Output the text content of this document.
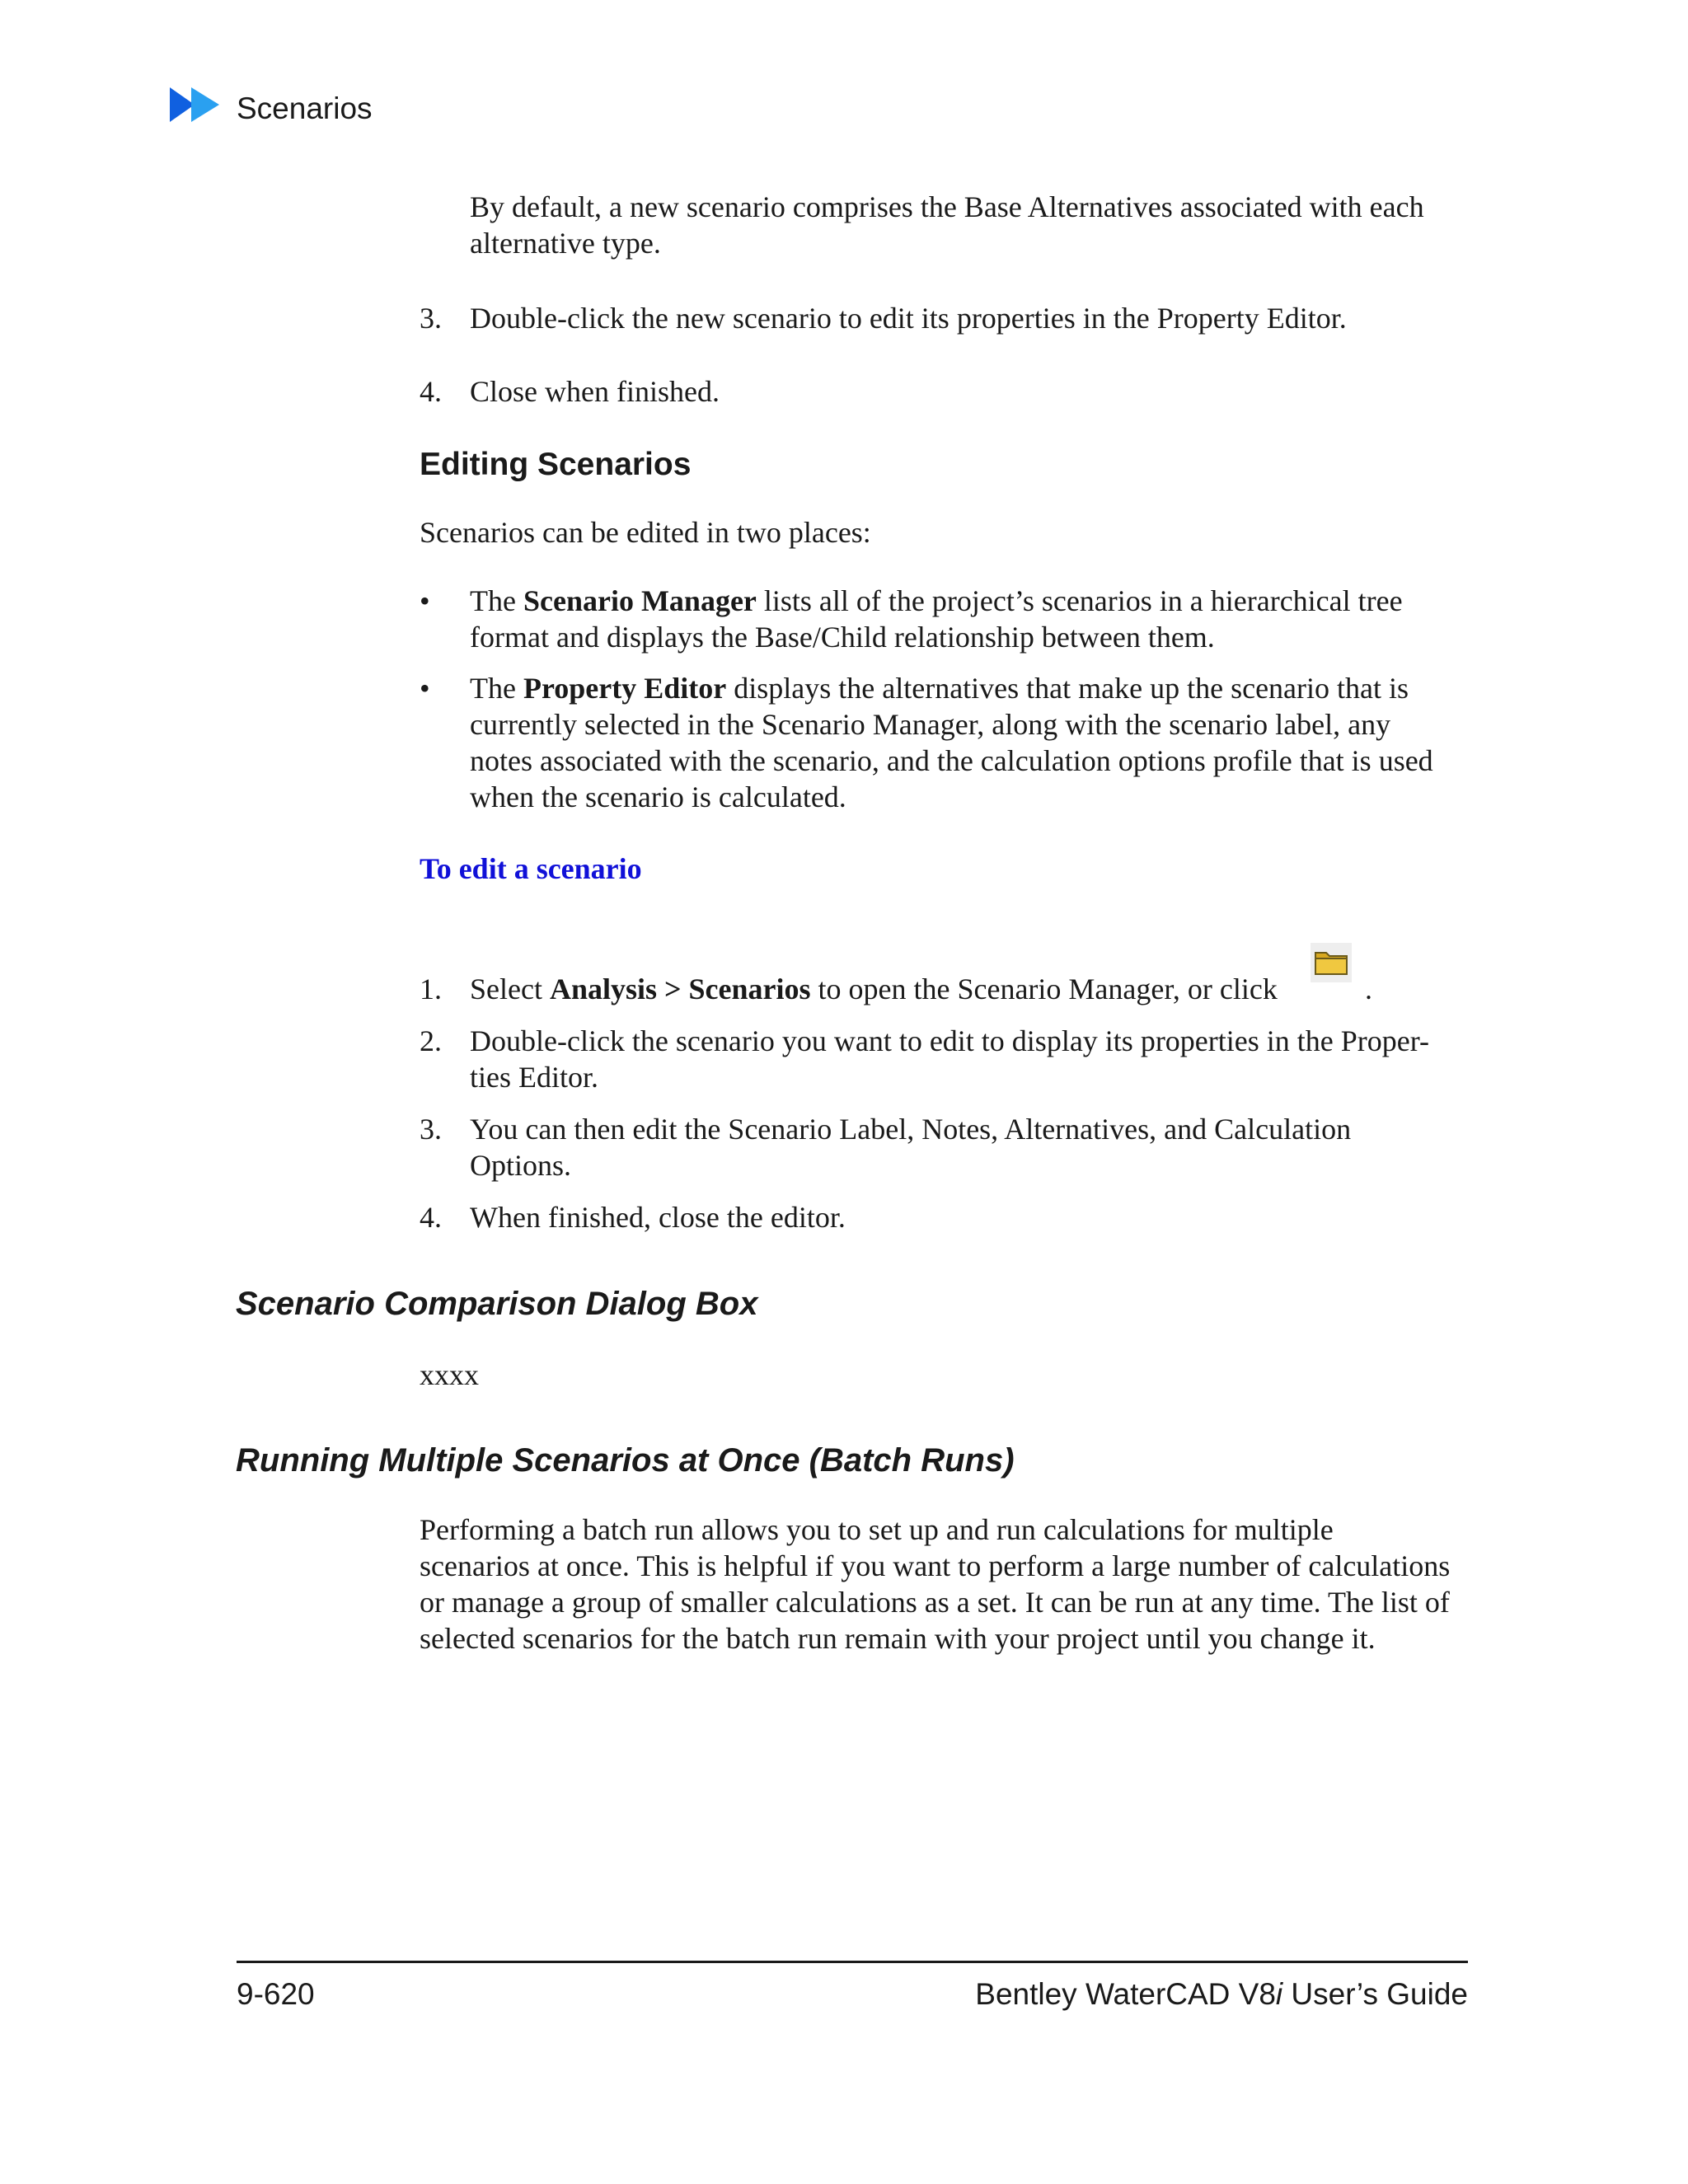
Scenarios
By default, a new scenario comprises the Base Alternatives associated with each
alternative type.
3. Double-click the new scenario to edit its properties in the Property Editor.
4. Close when finished.
Editing Scenarios
Scenarios can be edited in two places:
• The Scenario Manager lists all of the project’s scenarios in a hierarchical tree
format and displays the Base/Child relationship between them.
• The Property Editor displays the alternatives that make up the scenario that is
currently selected in the Scenario Manager, along with the scenario label, any
notes associated with the scenario, and the calculation options profile that is used
when the scenario is calculated.
To edit a scenario
1. Select Analysis > Scenarios to open the Scenario Manager, or click	.
2. Double-click the scenario you want to edit to display its properties in the Proper-
ties Editor.
3. You can then edit the Scenario Label, Notes, Alternatives, and Calculation
Options.
4. When finished, close the editor.
Scenario Comparison Dialog Box
xxxx
Running Multiple Scenarios at Once (Batch Runs)
Performing a batch run allows you to set up and run calculations for multiple
scenarios at once. This is helpful if you want to perform a large number of calculations
or manage a group of smaller calculations as a set. It can be run at any time. The list of
selected scenarios for the batch run remain with your project until you change it.
9-620	Bentley WaterCAD V8i User’s Guide
